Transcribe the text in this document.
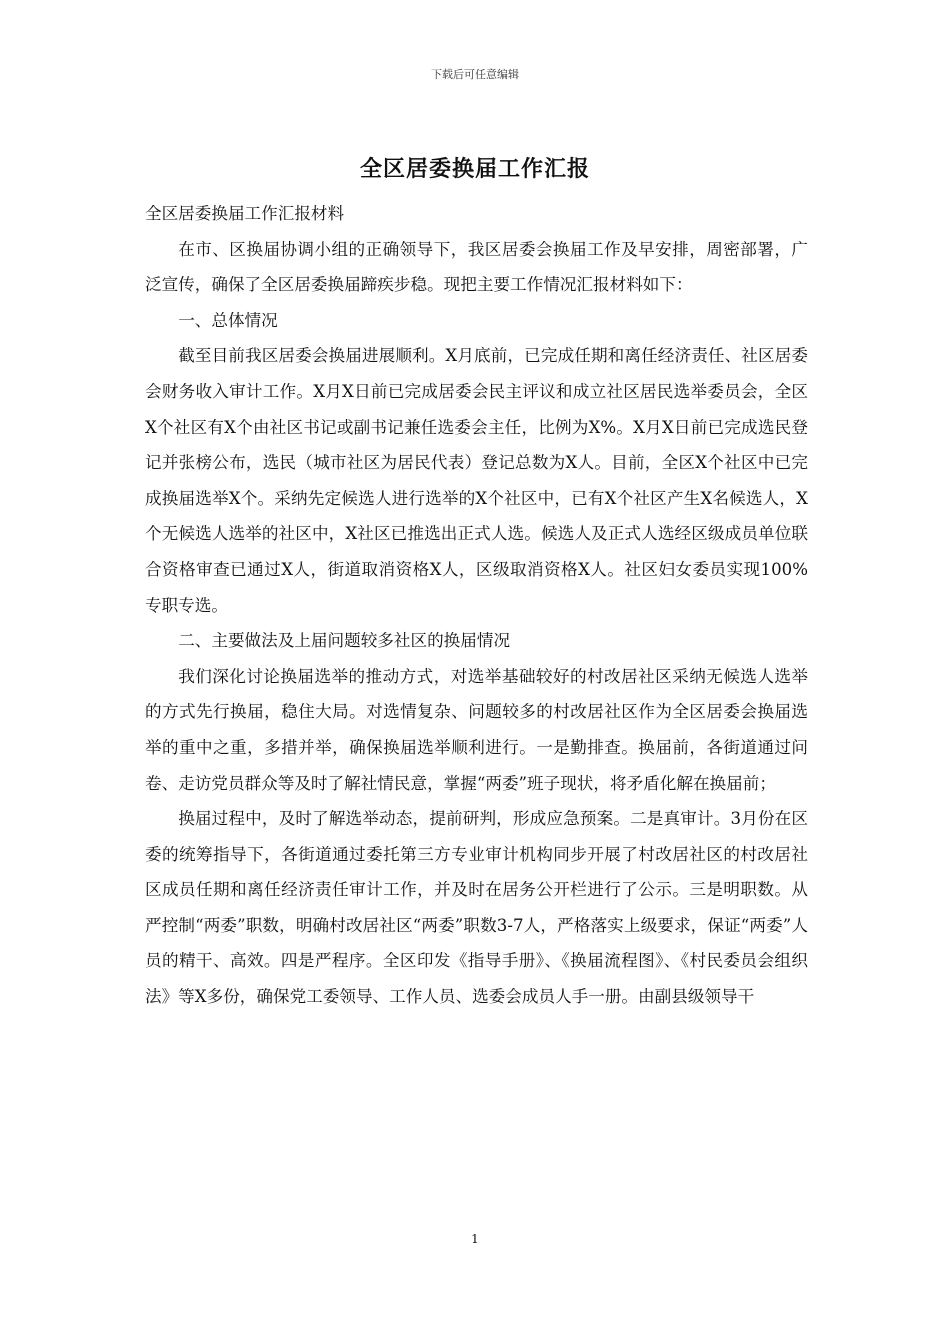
下载后可任意编辑
全区居委换届工作汇报

全区居委换届工作汇报材料

在市、区换届协调小组的正确领导下，我区居委会换届工作及早安排，周密部署，广泛宣传，确保了全区居委换届蹄疾步稳。现把主要工作情况汇报材料如下：

一、总体情况

截至目前我区居委会换届进展顺利。X月底前，已完成任期和离任经济责任、社区居委会财务收入审计工作。X月X日前已完成居委会民主评议和成立社区居民选举委员会，全区X个社区有X个由社区书记或副书记兼任选委会主任，比例为X%。X月X日前已完成选民登记并张榜公布，选民（城市社区为居民代表）登记总数为X人。目前，全区X个社区中已完成换届选举X个。采纳先定候选人进行选举的X个社区中，已有X个社区产生X名候选人，X个无候选人选举的社区中，X社区已推选出正式人选。候选人及正式人选经区级成员单位联合资格审查已通过X人，街道取消资格X人，区级取消资格X人。社区妇女委员实现100%专职专选。

二、主要做法及上届问题较多社区的换届情况

我们深化讨论换届选举的推动方式，对选举基础较好的村改居社区采纳无候选人选举的方式先行换届，稳住大局。对选情复杂、问题较多的村改居社区作为全区居委会换届选举的重中之重，多措并举，确保换届选举顺利进行。一是勤排查。换届前，各街道通过问卷、走访党员群众等及时了解社情民意，掌握“两委”班子现状，将矛盾化解在换届前；

换届过程中，及时了解选举动态，提前研判，形成应急预案。二是真审计。3月份在区委的统筹指导下，各街道通过委托第三方专业审计机构同步开展了村改居社区的村改居社区成员任期和离任经济责任审计工作，并及时在居务公开栏进行了公示。三是明职数。从严控制“两委”职数，明确村改居社区“两委”职数3-7人，严格落实上级要求，保证“两委”人员的精干、高效。四是严程序。全区印发《指导手册》、《换届流程图》、《村民委员会组织法》等X多份，确保党工委领导、工作人员、选委会成员人手一册。由副县级领导干

1
